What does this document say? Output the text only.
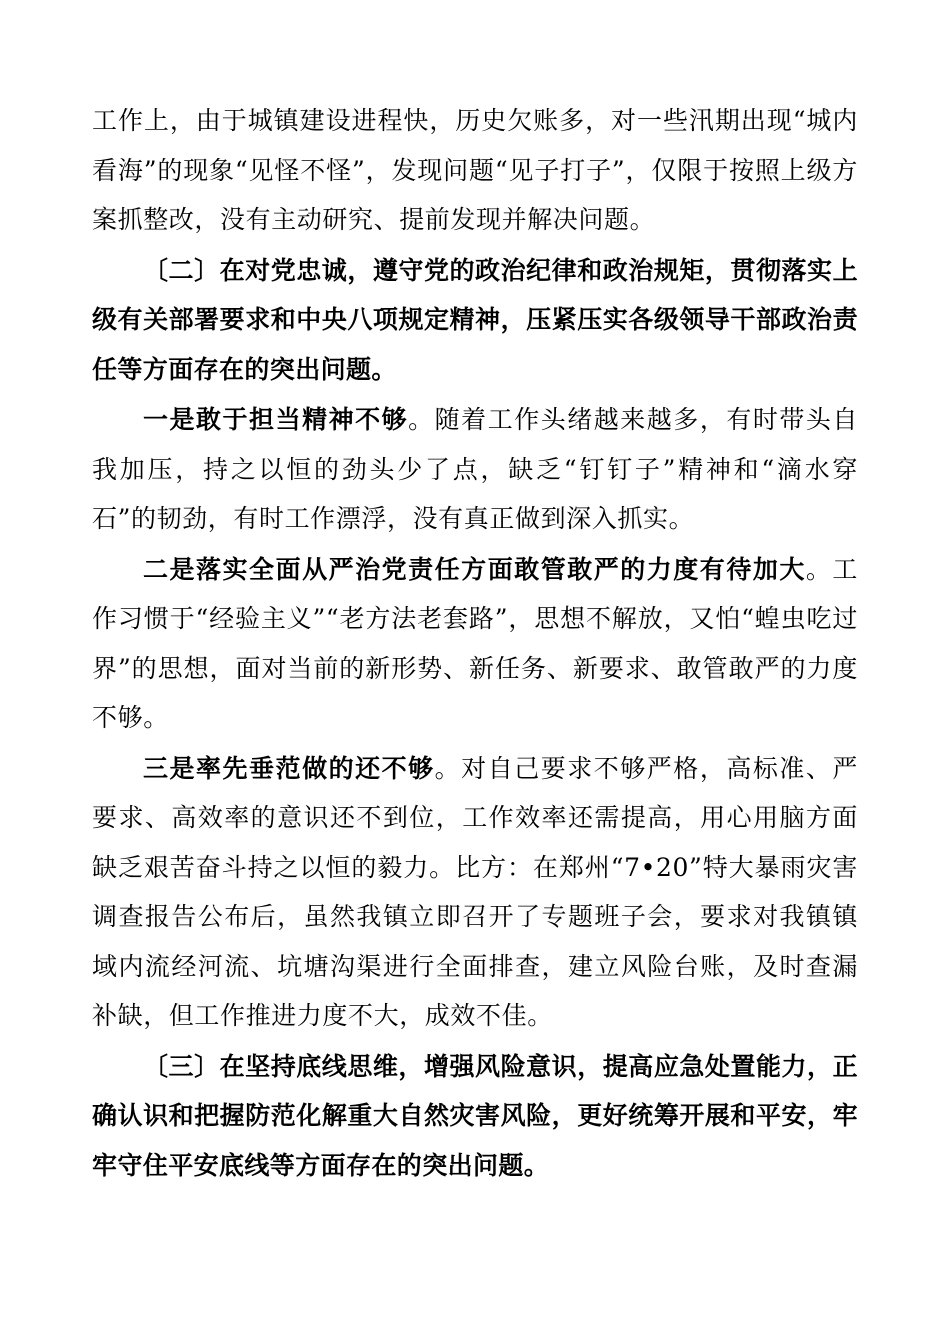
工作上，由于城镇建设进程快，历史欠账多，对一些汛期出现“城内看海”的现象“见怪不怪”，发现问题“见子打子”，仅限于按照上级方案抓整改，没有主动研究、提前发现并解决问题。

〔二〕在对党忠诚，遵守党的政治纪律和政治规矩，贯彻落实上级有关部署要求和中央八项规定精神，压紧压实各级领导干部政治责任等方面存在的突出问题。

一是敢于担当精神不够。随着工作头绪越来越多，有时带头自我加压，持之以恒的劲头少了点，缺乏“钉钉子”精神和“滴水穿石”的韧劲，有时工作漂浮，没有真正做到深入抓实。

二是落实全面从严治党责任方面敢管敢严的力度有待加大。工作习惯于“经验主义”“老方法老套路”，思想不解放，又怕“蝗虫吃过界”的思想，面对当前的新形势、新任务、新要求、敢管敢严的力度不够。

三是率先垂范做的还不够。对自己要求不够严格，高标准、严要求、高效率的意识还不到位，工作效率还需提高，用心用脑方面缺乏艰苦奋斗持之以恒的毅力。比方：在郑州“7•20”特大暴雨灾害调查报告公布后，虽然我镇立即召开了专题班子会，要求对我镇镇域内流经河流、坑塘沟渠进行全面排查，建立风险台账，及时查漏补缺，但工作推进力度不大，成效不佳。

〔三〕在坚持底线思维，增强风险意识，提高应急处置能力，正确认识和把握防范化解重大自然灾害风险，更好统筹开展和平安，牢牢守住平安底线等方面存在的突出问题。
